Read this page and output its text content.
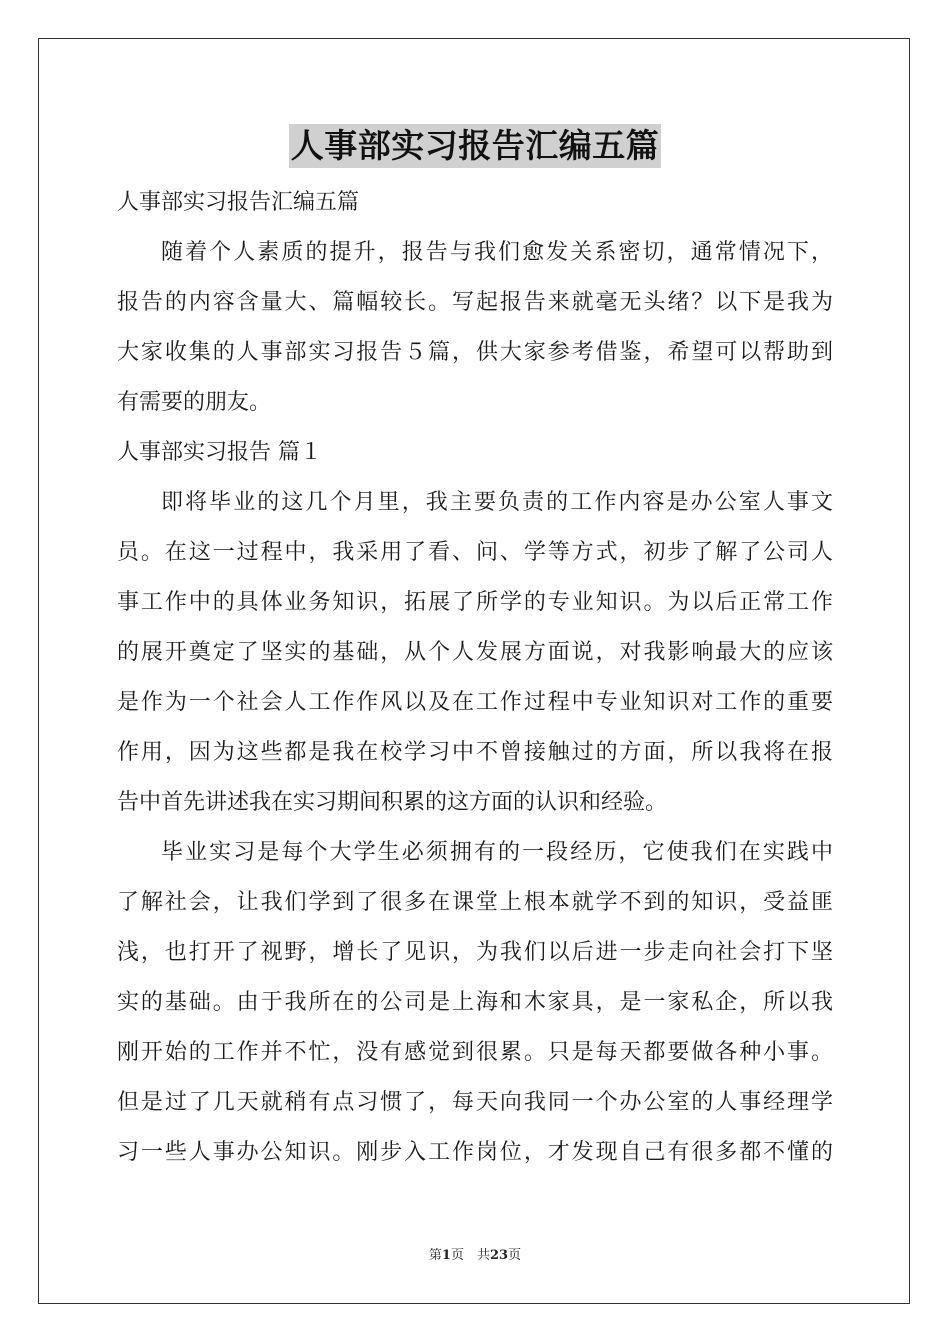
人事部实习报告汇编五篇
人事部实习报告汇编五篇
随着个人素质的提升，报告与我们愈发关系密切，通常情况下，
报告的内容含量大、篇幅较长。写起报告来就毫无头绪？以下是我为
大家收集的人事部实习报告５篇，供大家参考借鉴，希望可以帮助到
有需要的朋友。
人事部实习报告 篇１
即将毕业的这几个月里，我主要负责的工作内容是办公室人事文
员。在这一过程中，我采用了看、问、学等方式，初步了解了公司人
事工作中的具体业务知识，拓展了所学的专业知识。为以后正常工作
的展开奠定了坚实的基础，从个人发展方面说，对我影响最大的应该
是作为一个社会人工作作风以及在工作过程中专业知识对工作的重要
作用，因为这些都是我在校学习中不曾接触过的方面，所以我将在报
告中首先讲述我在实习期间积累的这方面的认识和经验。
毕业实习是每个大学生必须拥有的一段经历，它使我们在实践中
了解社会，让我们学到了很多在课堂上根本就学不到的知识，受益匪
浅，也打开了视野，增长了见识，为我们以后进一步走向社会打下坚
实的基础。由于我所在的公司是上海和木家具，是一家私企，所以我
刚开始的工作并不忙，没有感觉到很累。只是每天都要做各种小事。
但是过了几天就稍有点习惯了，每天向我同一个办公室的人事经理学
习一些人事办公知识。刚步入工作岗位，才发现自己有很多都不懂的
第1页　共23页
